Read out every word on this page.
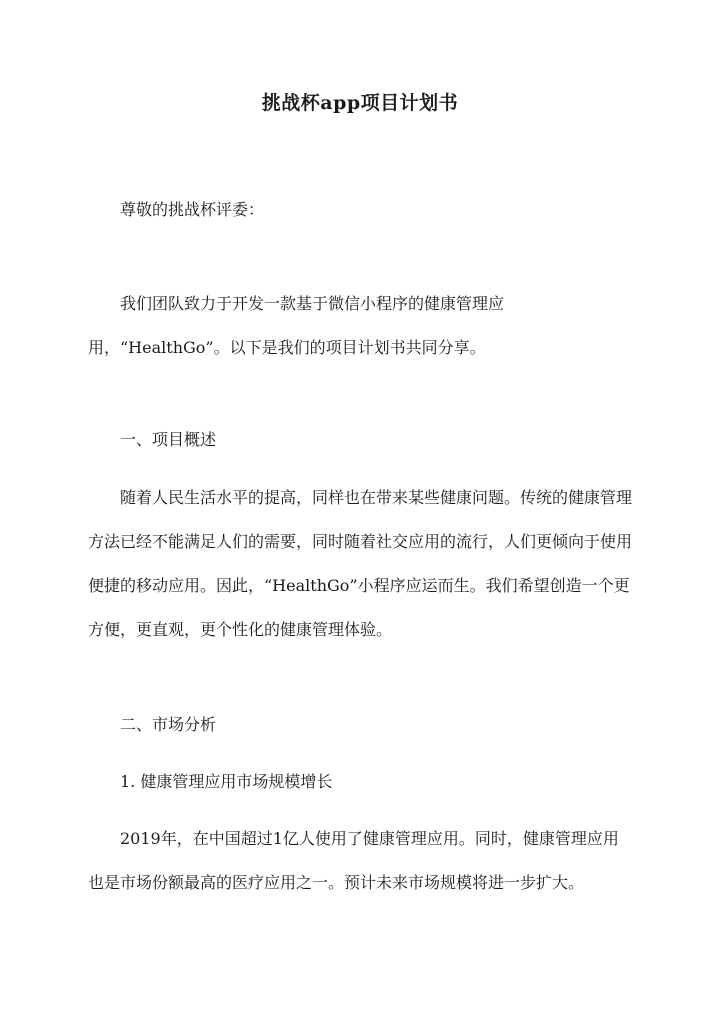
挑战杯app项目计划书

尊敬的挑战杯评委：

我们团队致力于开发一款基于微信小程序的健康管理应用，“HealthGo”。以下是我们的项目计划书共同分享。

一、项目概述

随着人民生活水平的提高，同样也在带来某些健康问题。传统的健康管理方法已经不能满足人们的需要，同时随着社交应用的流行，人们更倾向于使用便捷的移动应用。因此，“HealthGo”小程序应运而生。我们希望创造一个更方便，更直观，更个性化的健康管理体验。

二、市场分析

1. 健康管理应用市场规模增长

2019年，在中国超过1亿人使用了健康管理应用。同时，健康管理应用也是市场份额最高的医疗应用之一。预计未来市场规模将进一步扩大。
